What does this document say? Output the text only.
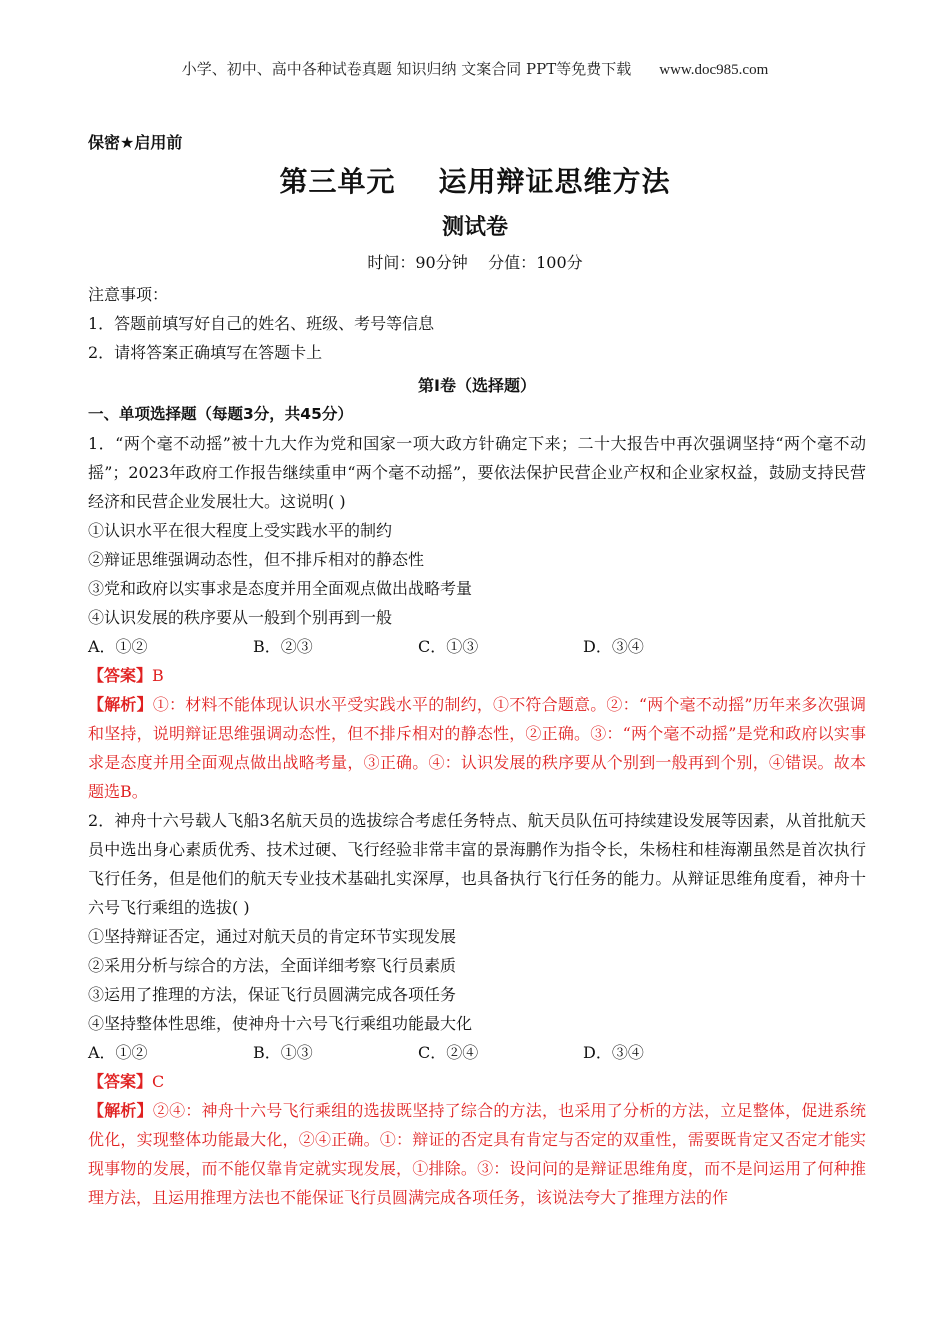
小学、初中、高中各种试卷真题 知识归纳 文案合同 PPT等免费下载 www.doc985.com
保密★启用前
第三单元    运用辩证思维方法
测试卷
时间：90分钟    分值：100分
注意事项：
1．答题前填写好自己的姓名、班级、考号等信息
2．请将答案正确填写在答题卡上
第I卷（选择题）
一、单项选择题（每题3分，共45分）
1．“两个毫不动摇”被十九大作为党和国家一项大政方针确定下来；二十大报告中再次强调坚持“两个毫不动摇”；2023年政府工作报告继续重申“两个毫不动摇”，要依法保护民营企业产权和企业家权益，鼓励支持民营经济和民营企业发展壮大。这说明( )
①认识水平在很大程度上受实践水平的制约
②辩证思维强调动态性，但不排斥相对的静态性
③党和政府以实事求是态度并用全面观点做出战略考量
④认识发展的秩序要从一般到个别再到一般
A．①②	B．②③	C．①③	D．③④
【答案】B
【解析】①：材料不能体现认识水平受实践水平的制约，①不符合题意。②：“两个毫不动摇”历年来多次强调和坚持，说明辩证思维强调动态性，但不排斥相对的静态性，②正确。③：“两个毫不动摇”是党和政府以实事求是态度并用全面观点做出战略考量，③正确。④：认识发展的秩序要从个别到一般再到个别，④错误。故本题选B。
2．神舟十六号载人飞船3名航天员的选拔综合考虑任务特点、航天员队伍可持续建设发展等因素，从首批航天员中选出身心素质优秀、技术过硬、飞行经验非常丰富的景海鹏作为指令长，朱杨柱和桂海潮虽然是首次执行飞行任务，但是他们的航天专业技术基础扎实深厚，也具备执行飞行任务的能力。从辩证思维角度看，神舟十六号飞行乘组的选拔( )
①坚持辩证否定，通过对航天员的肯定环节实现发展
②采用分析与综合的方法，全面详细考察飞行员素质
③运用了推理的方法，保证飞行员圆满完成各项任务
④坚持整体性思维，使神舟十六号飞行乘组功能最大化
A．①②	B．①③	C．②④	D．③④
【答案】C
【解析】②④：神舟十六号飞行乘组的选拔既坚持了综合的方法，也采用了分析的方法，立足整体，促进系统优化，实现整体功能最大化，②④正确。①：辩证的否定具有肯定与否定的双重性，需要既肯定又否定才能实现事物的发展，而不能仅靠肯定就实现发展，①排除。③：设问问的是辩证思维角度，而不是问运用了何种推理方法，且运用推理方法也不能保证飞行员圆满完成各项任务，该说法夸大了推理方法的作
